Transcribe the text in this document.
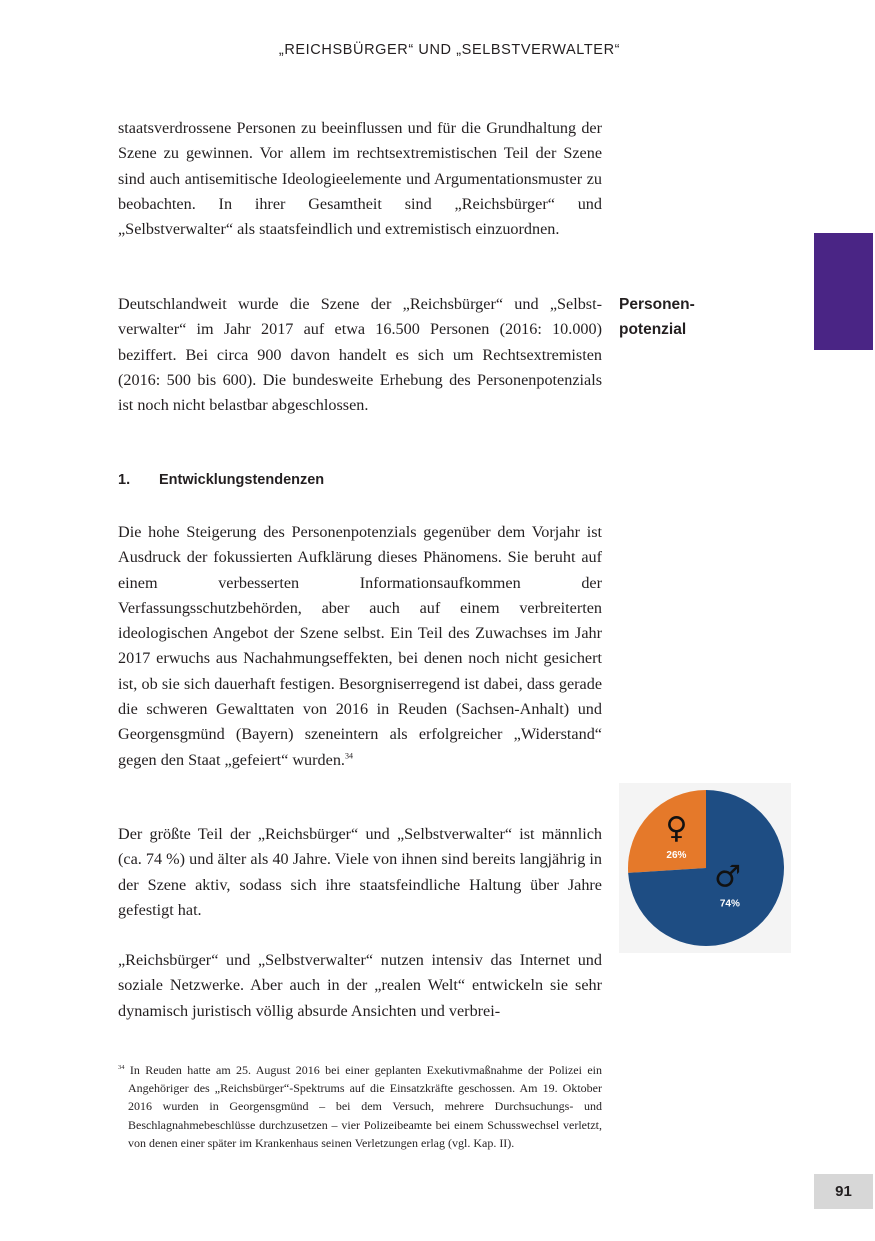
„REICHSBÜRGER“ UND „SELBSTVERWALTER“

staatsverdrossene Personen zu beeinflussen und für die Grundhaltung der Szene zu gewinnen. Vor allem im rechtsextremistischen Teil der Szene sind auch antisemitische Ideologieelemente und Argumentationsmuster zu beobachten. In ihrer Gesamtheit sind „Reichsbürger“ und „Selbstverwalter“ als staatsfeindlich und extremistisch einzuordnen.

Deutschlandweit wurde die Szene der „Reichsbürger“ und „Selbstverwalter“ im Jahr 2017 auf etwa 16.500 Personen (2016: 10.000) beziffert. Bei circa 900 davon handelt es sich um Rechtsextremisten (2016: 500 bis 600). Die bundesweite Erhebung des Personenpotenzials ist noch nicht belastbar abgeschlossen.

Personen-
potenzial
1. Entwicklungstendenzen

Die hohe Steigerung des Personenpotenzials gegenüber dem Vorjahr ist Ausdruck der fokussierten Aufklärung dieses Phänomens. Sie beruht auf einem verbesserten Informationsaufkommen der Verfassungsschutzbehörden, aber auch auf einem verbreiterten ideologischen Angebot der Szene selbst. Ein Teil des Zuwachses im Jahr 2017 erwuchs aus Nachahmungseffekten, bei denen noch nicht gesichert ist, ob sie sich dauerhaft festigen. Besorgniserregend ist dabei, dass gerade die schweren Gewalttaten von 2016 in Reuden (Sachsen-Anhalt) und Georgensgmünd (Bayern) szeneintern als erfolgreicher „Widerstand“ gegen den Staat „gefeiert“ wurden.$^{34}$

Der größte Teil der „Reichsbürger“ und „Selbstverwalter“ ist männlich (ca. 74 %) und älter als 40 Jahre. Viele von ihnen sind bereits langjährig in der Szene aktiv, sodass sich ihre staatsfeindliche Haltung über Jahre gefestigt hat.

„Reichsbürger“ und „Selbstverwalter“ nutzen intensiv das Internet und soziale Netzwerke. Aber auch in der „realen Welt“ entwickeln sie sehr dynamisch juristisch völlig absurde Ansichten und verbrei-

♀
26%
♂
74%
$^{34}$ In Reuden hatte am 25. August 2016 bei einer geplanten Exekutivmaßnahme der Polizei ein Angehöriger des „Reichsbürger“-Spektrums auf die Einsatzkräfte geschossen. Am 19. Oktober 2016 wurden in Georgensgmünd – bei dem Versuch, mehrere Durchsuchungs- und Beschlagnahmebeschlüsse durchzusetzen – vier Polizeibeamte bei einem Schusswechsel verletzt, von denen einer später im Krankenhaus seinen Verletzungen erlag (vgl. Kap. II).
91
